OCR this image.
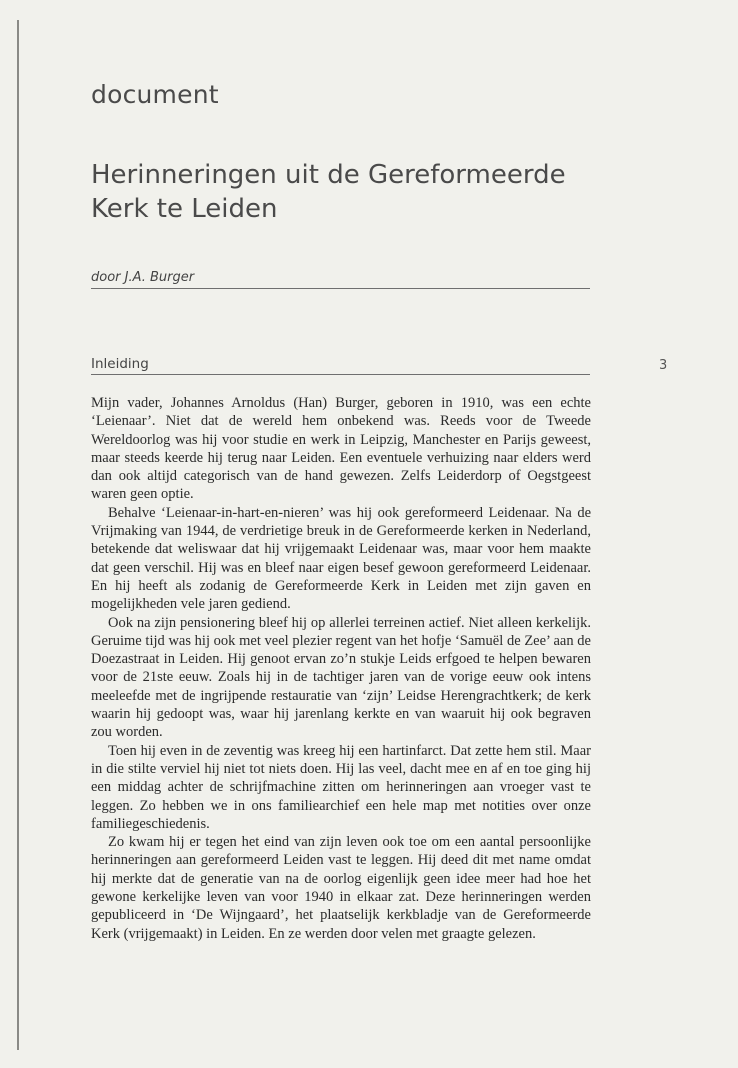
document
Herinneringen uit de Gereformeerde Kerk te Leiden
door J.A. Burger
Inleiding	3

Mijn vader, Johannes Arnoldus (Han) Burger, geboren in 1910, was een echte ‘Leienaar’. Niet dat de wereld hem onbekend was. Reeds voor de Tweede Wereldoorlog was hij voor studie en werk in Leipzig, Manchester en Parijs geweest, maar steeds keerde hij terug naar Leiden. Een eventuele verhuizing naar elders werd dan ook altijd categorisch van de hand gewezen. Zelfs Leiderdorp of Oegstgeest waren geen optie.

Behalve ‘Leienaar-in-hart-en-nieren’ was hij ook gereformeerd Leidenaar. Na de Vrijmaking van 1944, de verdrietige breuk in de Gereformeerde kerken in Nederland, betekende dat weliswaar dat hij vrijgemaakt Leidenaar was, maar voor hem maakte dat geen verschil. Hij was en bleef naar eigen besef gewoon gereformeerd Leidenaar. En hij heeft als zodanig de Gereformeerde Kerk in Leiden met zijn gaven en mogelijkheden vele jaren gediend.

Ook na zijn pensionering bleef hij op allerlei terreinen actief. Niet alleen kerkelijk. Geruime tijd was hij ook met veel plezier regent van het hofje ‘Samuël de Zee’ aan de Doezastraat in Leiden. Hij genoot ervan zo’n stukje Leids erfgoed te helpen bewaren voor de 21ste eeuw. Zoals hij in de tachtiger jaren van de vorige eeuw ook intens meeleefde met de ingrijpende restauratie van ‘zijn’ Leidse Herengrachtkerk; de kerk waarin hij gedoopt was, waar hij jarenlang kerkte en van waaruit hij ook begraven zou worden.

Toen hij even in de zeventig was kreeg hij een hartinfarct. Dat zette hem stil. Maar in die stilte verviel hij niet tot niets doen. Hij las veel, dacht mee en af en toe ging hij een middag achter de schrijfmachine zitten om herinneringen aan vroeger vast te leggen. Zo hebben we in ons familiearchief een hele map met notities over onze familiegeschiedenis.

Zo kwam hij er tegen het eind van zijn leven ook toe om een aantal persoonlijke herinneringen aan gereformeerd Leiden vast te leggen. Hij deed dit met name omdat hij merkte dat de generatie van na de oorlog eigenlijk geen idee meer had hoe het gewone kerkelijke leven van voor 1940 in elkaar zat. Deze herinneringen werden gepubliceerd in ‘De Wijngaard’, het plaatselijk kerkbladje van de Gereformeerde Kerk (vrijgemaakt) in Leiden. En ze werden door velen met graagte gelezen.
